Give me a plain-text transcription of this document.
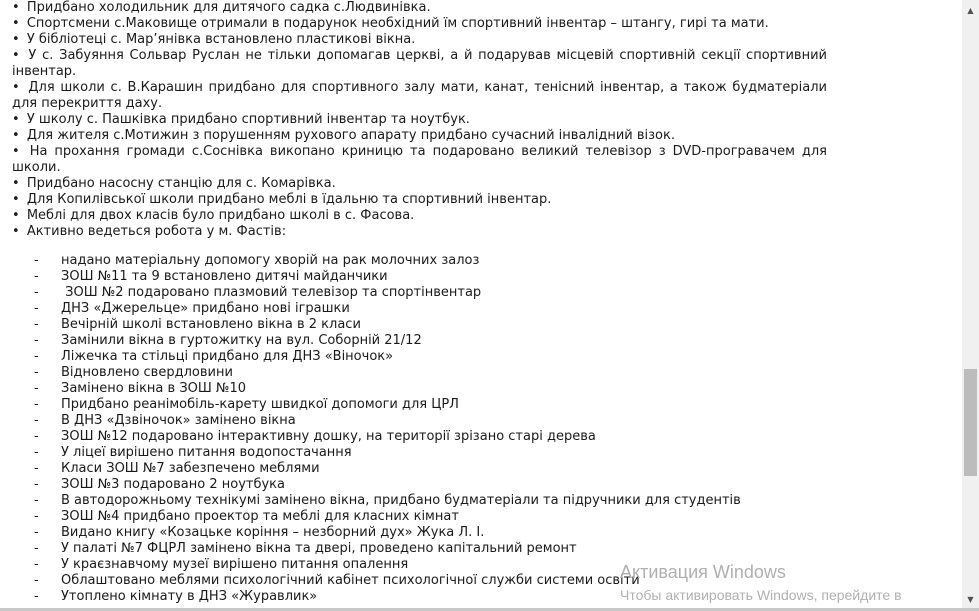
• Придбано холодильник для дитячого садка с.Людвинівка.

• Спортсмени с.Маковище отримали в подарунок необхідний їм спортивний інвентар – штангу, гирі та мати.

• У бібліотеці с. Мар’янівка встановлено пластикові вікна.

• У с. Забуяння Сольвар Руслан не тільки допомагав церкві, а й подарував місцевій спортивній секції спортивний інвентар.

• Для школи с. В.Карашин придбано для спортивного залу мати, канат, тенісний інвентар, а також будматеріали для перекриття даху.

• У школу с. Пашківка придбано спортивний інвентар та ноутбук.

• Для жителя с.Мотижин з порушенням рухового апарату придбано сучасний інвалідний візок.

• На прохання громади с.Соснівка викопано криницю та подаровано великий телевізор з DVD-програвачем для школи.

• Придбано насосну станцію для с. Комарівка.

• Для Копилівської школи придбано меблі в їдальню та спортивний інвентар.

• Меблі для двох класів було придбано школі в с. Фасова.

• Активно ведеться робота у м. Фастів:

- надано матеріальну допомогу хворій на рак молочних залоз
- ЗОШ №11 та 9 встановлено дитячі майданчики
- ЗОШ №2 подаровано плазмовий телевізор та спортінвентар
- ДНЗ «Джерельце» придбано нові іграшки
- Вечірній школі встановлено вікна в 2 класи
- Замінили вікна в гуртожитку на вул. Соборній 21/12
- Ліжечка та стільці придбано для ДНЗ «Віночок»
- Відновлено свердловини
- Замінено вікна в ЗОШ №10
- Придбано реанімобіль-карету швидкої допомоги для ЦРЛ
- В ДНЗ «Дзвіночок» замінено вікна
- ЗОШ №12 подаровано інтерактивну дошку, на території зрізано старі дерева
- У ліцеї вирішено питання водопостачання
- Класи ЗОШ №7 забезпечено меблями
- ЗОШ №3 подаровано 2 ноутбука
- В автодорожньому технікумі замінено вікна, придбано будматеріали та підручники для студентів
- ЗОШ №4 придбано проектор та меблі для класних кімнат
- Видано книгу «Козацьке коріння – незборний дух» Жука Л. І.
- У палаті №7 ФЦРЛ замінено вікна та двері, проведено капітальний ремонт
- У краєзнавчому музеї вирішено питання опалення
- Облаштовано меблями психологічний кабінет психологічної служби системи освіти
- Утоплено кімнату в ДНЗ «Журавлик»
▲
▼
Активация Windows
Чтобы активировать Windows, перейдите в
